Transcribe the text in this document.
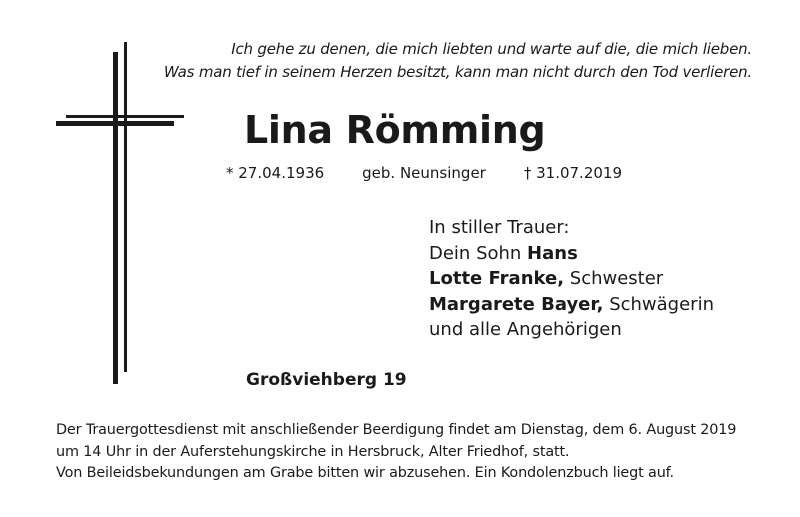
Ich gehe zu denen, die mich liebten und warte auf die, die mich lieben.
Was man tief in seinem Herzen besitzt, kann man nicht durch den Tod verlieren.
Lina Römming
* 27.04.1936	geb. Neunsinger	† 31.07.2019
In stiller Trauer:
Dein Sohn Hans
Lotte Franke, Schwester
Margarete Bayer, Schwägerin
und alle Angehörigen
Großviehberg 19
Der Trauergottesdienst mit anschließender Beerdigung findet am Dienstag, dem 6. August 2019
um 14 Uhr in der Auferstehungskirche in Hersbruck, Alter Friedhof, statt.
Von Beileidsbekundungen am Grabe bitten wir abzusehen. Ein Kondolenzbuch liegt auf.
